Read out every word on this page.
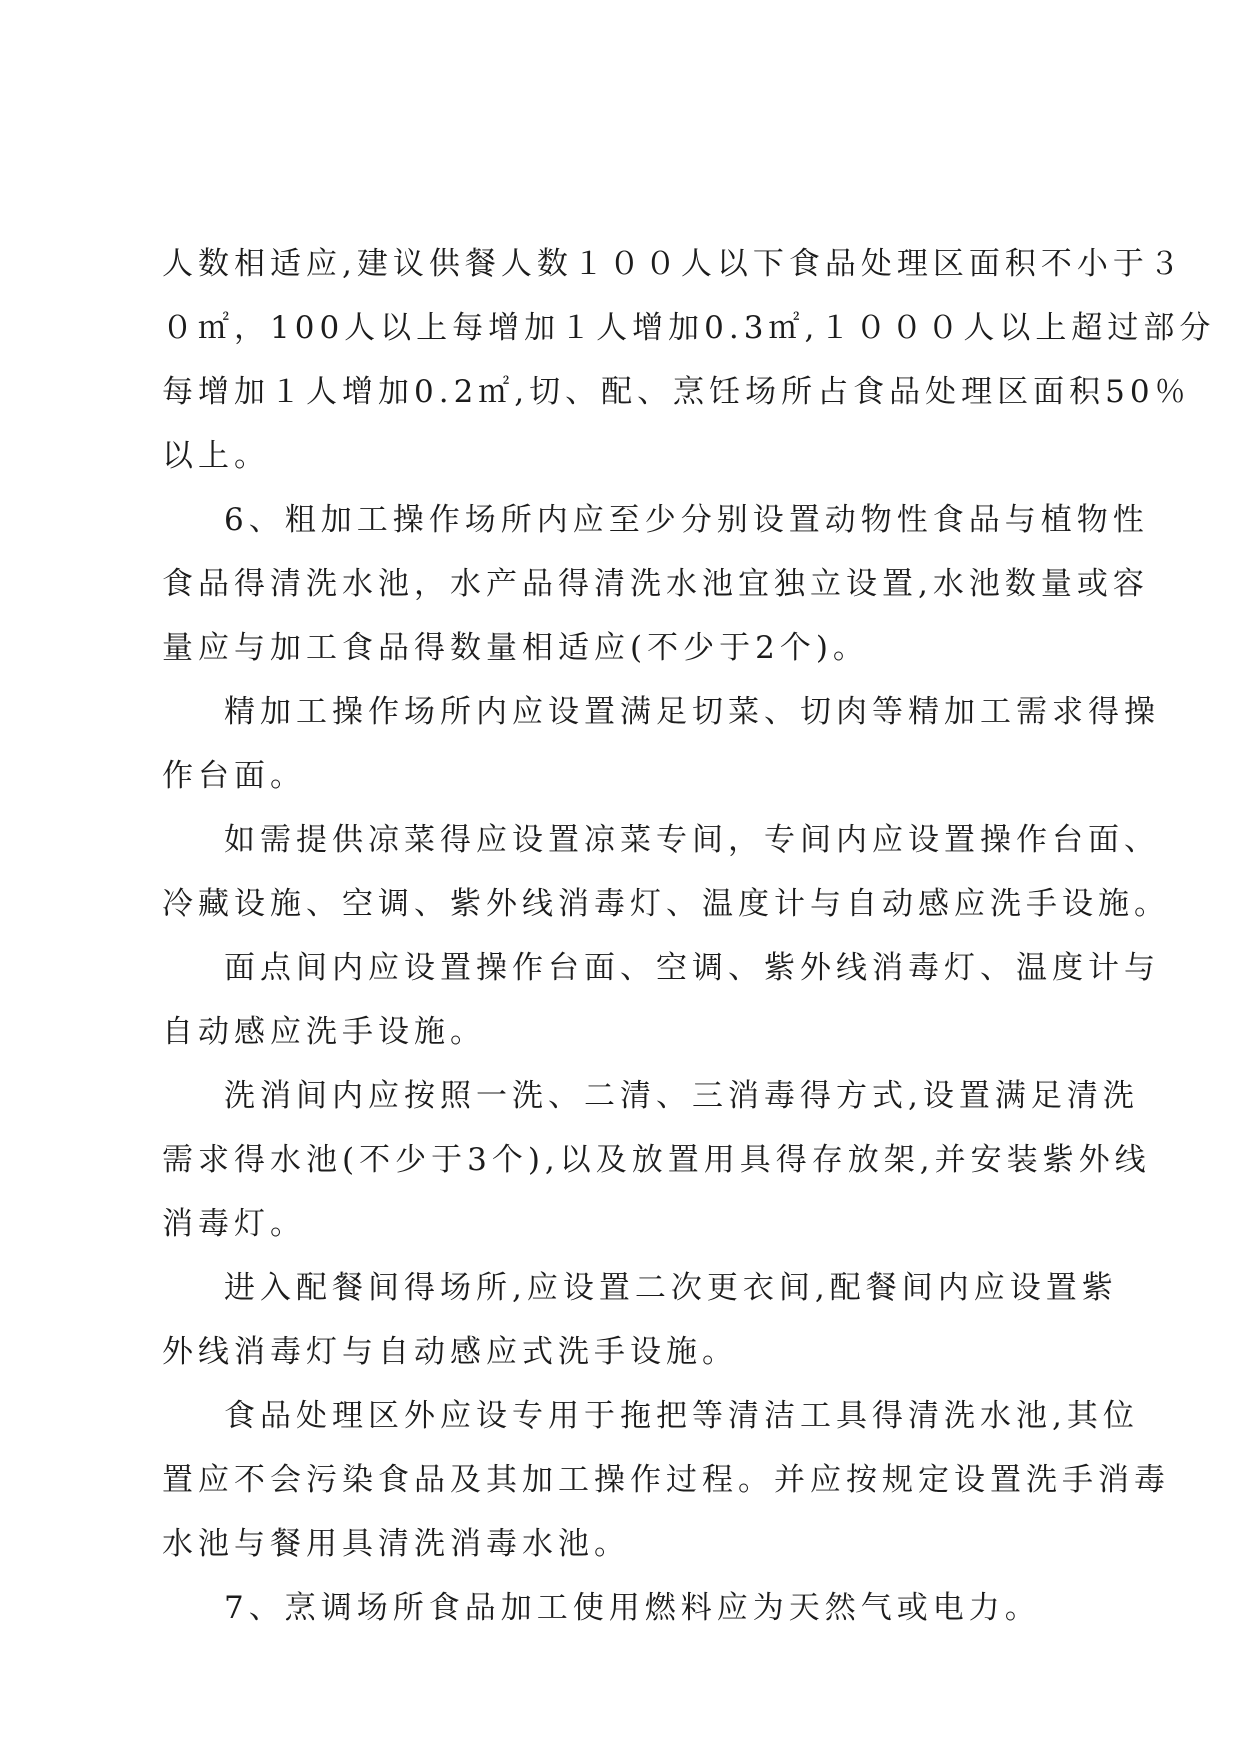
人数相适应,建议供餐人数１００人以下食品处理区面积不小于３
０㎡，100人以上每增加１人增加0.3㎡,１０００人以上超过部分
每增加１人增加0.2㎡,切、配、烹饪场所占食品处理区面积50％
以上。
6、粗加工操作场所内应至少分别设置动物性食品与植物性
食品得清洗水池，水产品得清洗水池宜独立设置,水池数量或容
量应与加工食品得数量相适应(不少于2个)。
精加工操作场所内应设置满足切菜、切肉等精加工需求得操
作台面。
如需提供凉菜得应设置凉菜专间，专间内应设置操作台面、
冷藏设施、空调、紫外线消毒灯、温度计与自动感应洗手设施。
面点间内应设置操作台面、空调、紫外线消毒灯、温度计与
自动感应洗手设施。
洗消间内应按照一洗、二清、三消毒得方式,设置满足清洗
需求得水池(不少于3个),以及放置用具得存放架,并安装紫外线
消毒灯。
进入配餐间得场所,应设置二次更衣间,配餐间内应设置紫
外线消毒灯与自动感应式洗手设施。
食品处理区外应设专用于拖把等清洁工具得清洗水池,其位
置应不会污染食品及其加工操作过程。并应按规定设置洗手消毒
水池与餐用具清洗消毒水池。
7、烹调场所食品加工使用燃料应为天然气或电力。
